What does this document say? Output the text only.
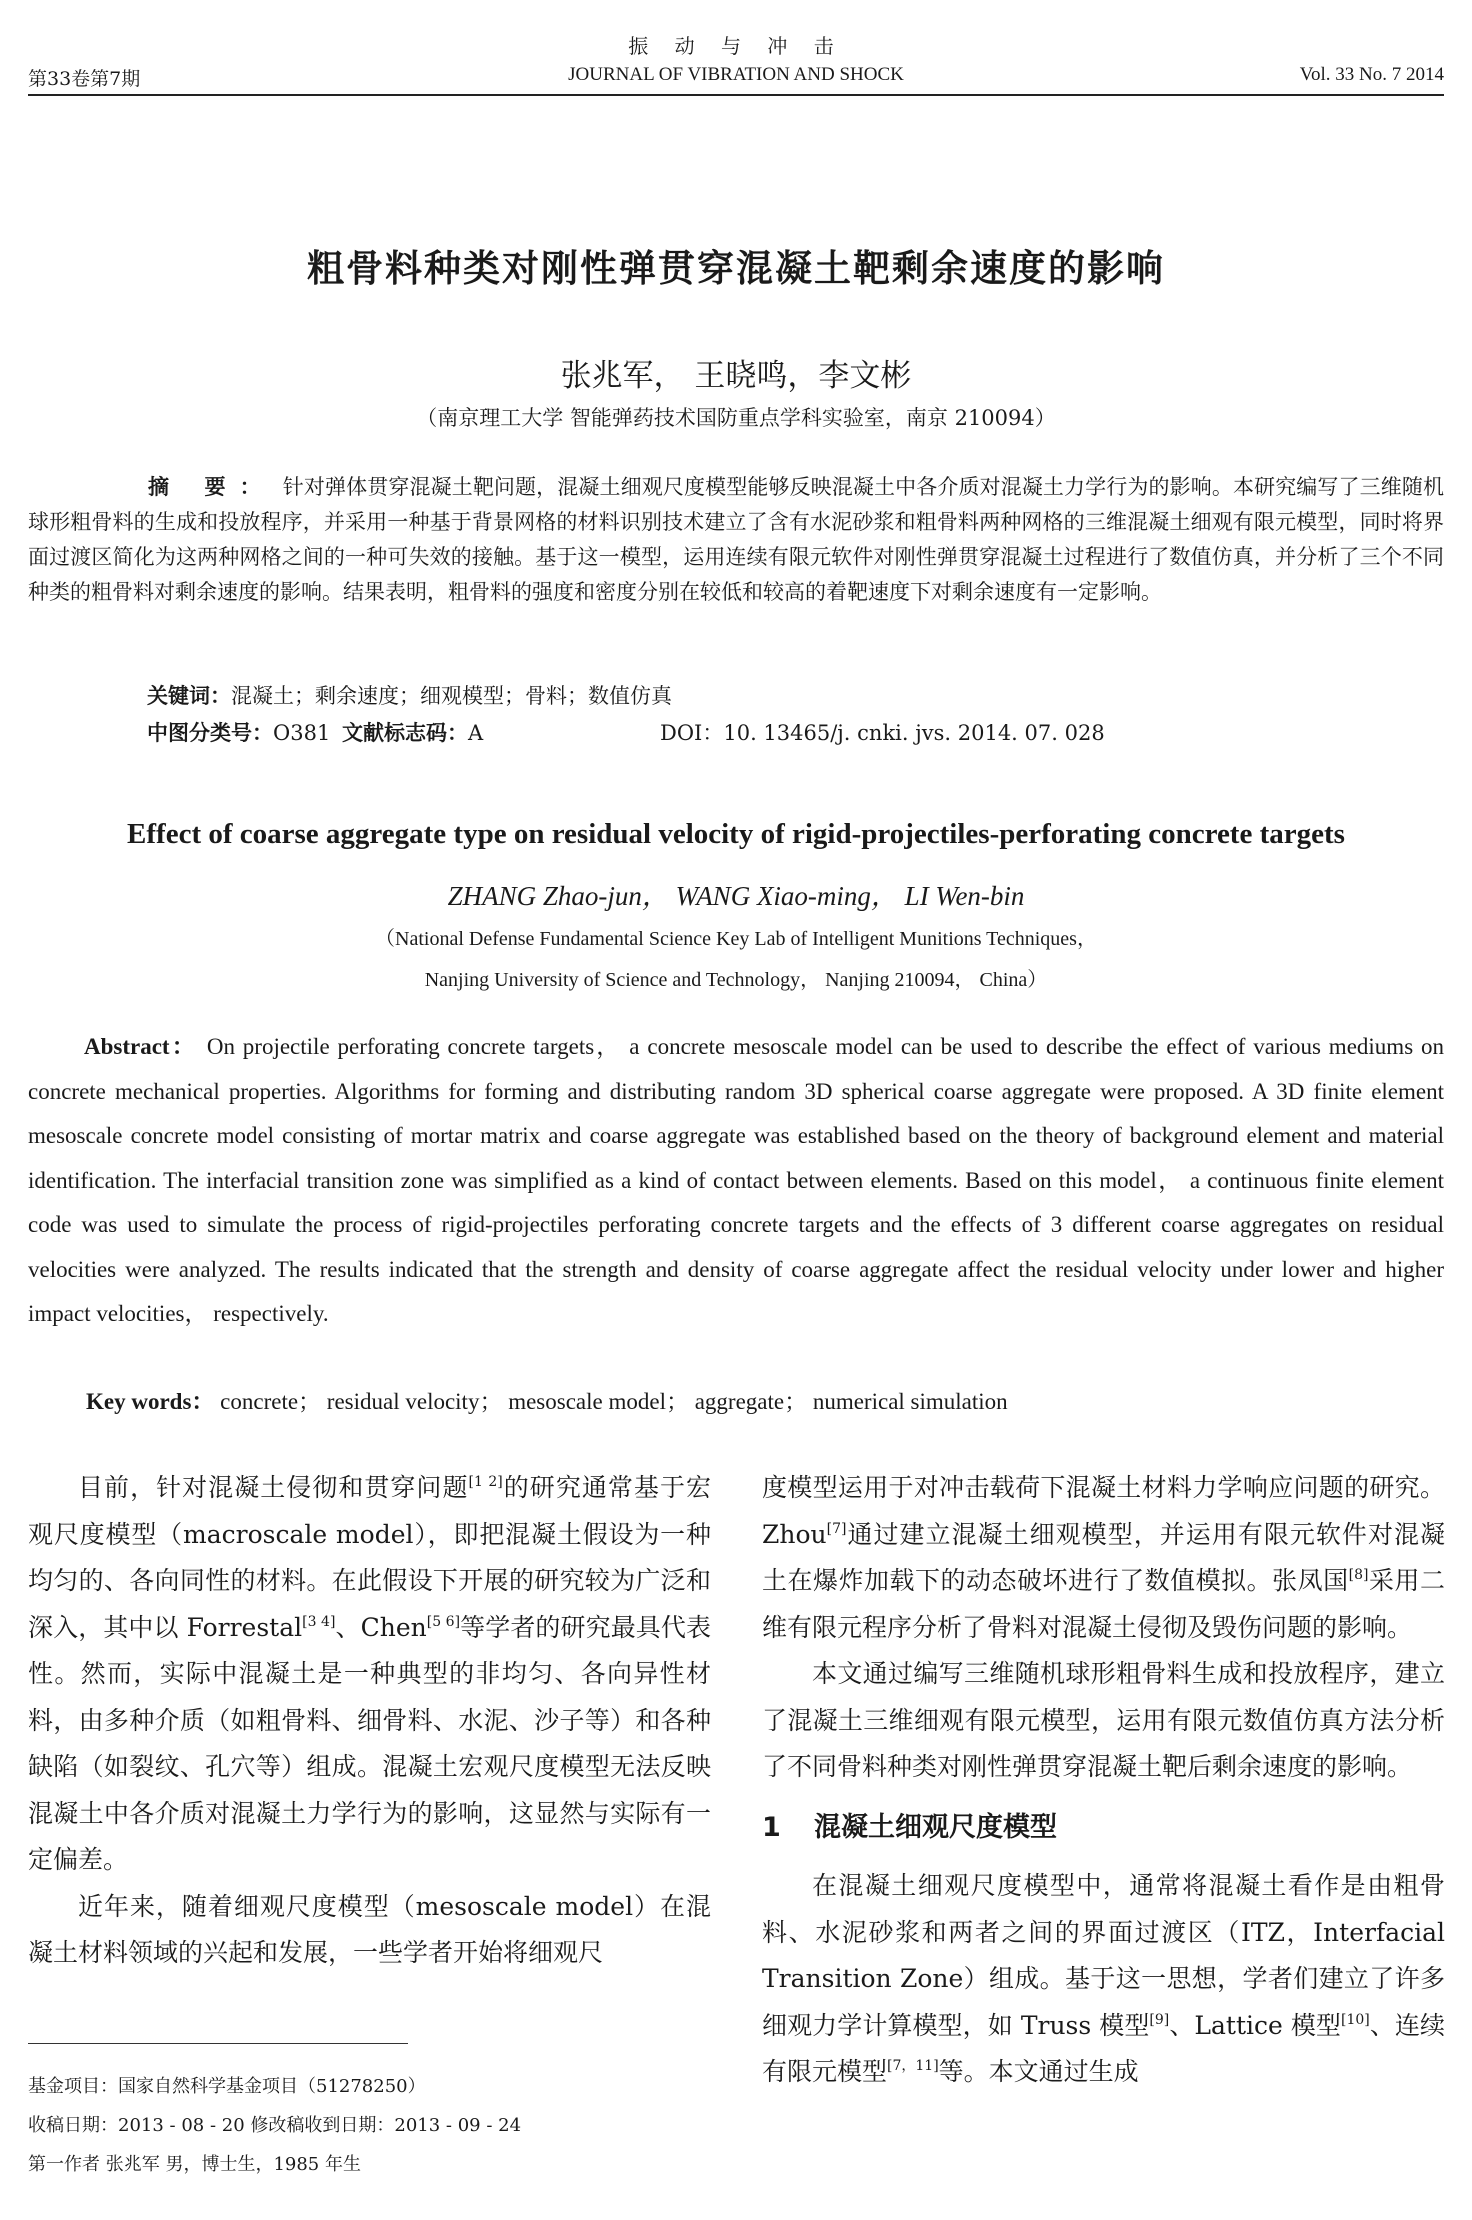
振 动 与 冲 击
第33卷第7期	JOURNAL OF VIBRATION AND SHOCK	Vol. 33 No. 7 2014
粗骨料种类对刚性弹贯穿混凝土靶剩余速度的影响
张兆军， 王晓鸣，李文彬
（南京理工大学 智能弹药技术国防重点学科实验室，南京 210094）
摘 要： 针对弹体贯穿混凝土靶问题，混凝土细观尺度模型能够反映混凝土中各介质对混凝土力学行为的影响。本研究编写了三维随机球形粗骨料的生成和投放程序，并采用一种基于背景网格的材料识别技术建立了含有水泥砂浆和粗骨料两种网格的三维混凝土细观有限元模型，同时将界面过渡区简化为这两种网格之间的一种可失效的接触。基于这一模型，运用连续有限元软件对刚性弹贯穿混凝土过程进行了数值仿真，并分析了三个不同种类的粗骨料对剩余速度的影响。结果表明，粗骨料的强度和密度分别在较低和较高的着靶速度下对剩余速度有一定影响。
关键词：混凝土；剩余速度；细观模型；骨料；数值仿真
中图分类号：O381 文献标志码：A	DOI：10. 13465/j. cnki. jvs. 2014. 07. 028
Effect of coarse aggregate type on residual velocity of rigid-projectiles-perforating concrete targets
ZHANG Zhao-jun， WANG Xiao-ming， LI Wen-bin
（National Defense Fundamental Science Key Lab of Intelligent Munitions Techniques，
Nanjing University of Science and Technology， Nanjing 210094， China）
Abstract： On projectile perforating concrete targets， a concrete mesoscale model can be used to describe the effect of various mediums on concrete mechanical properties. Algorithms for forming and distributing random 3D spherical coarse aggregate were proposed. A 3D finite element mesoscale concrete model consisting of mortar matrix and coarse aggregate was established based on the theory of background element and material identification. The interfacial transition zone was simplified as a kind of contact between elements. Based on this model， a continuous finite element code was used to simulate the process of rigid-projectiles perforating concrete targets and the effects of 3 different coarse aggregates on residual velocities were analyzed. The results indicated that the strength and density of coarse aggregate affect the residual velocity under lower and higher impact velocities， respectively.
Key words： concrete； residual velocity； mesoscale model； aggregate； numerical simulation

目前，针对混凝土侵彻和贯穿问题[1 2]的研究通常基于宏观尺度模型（macroscale model），即把混凝土假设为一种均匀的、各向同性的材料。在此假设下开展的研究较为广泛和深入，其中以 Forrestal[3 4]、Chen[5 6]等学者的研究最具代表性。然而，实际中混凝土是一种典型的非均匀、各向异性材料，由多种介质（如粗骨料、细骨料、水泥、沙子等）和各种缺陷（如裂纹、孔穴等）组成。混凝土宏观尺度模型无法反映混凝土中各介质对混凝土力学行为的影响，这显然与实际有一定偏差。

近年来，随着细观尺度模型（mesoscale model）在混凝土材料领域的兴起和发展，一些学者开始将细观尺

度模型运用于对冲击载荷下混凝土材料力学响应问题的研究。Zhou[7]通过建立混凝土细观模型，并运用有限元软件对混凝土在爆炸加载下的动态破坏进行了数值模拟。张凤国[8]采用二维有限元程序分析了骨料对混凝土侵彻及毁伤问题的影响。

本文通过编写三维随机球形粗骨料生成和投放程序，建立了混凝土三维细观有限元模型，运用有限元数值仿真方法分析了不同骨料种类对刚性弹贯穿混凝土靶后剩余速度的影响。

1 混凝土细观尺度模型

在混凝土细观尺度模型中，通常将混凝土看作是由粗骨料、水泥砂浆和两者之间的界面过渡区（ITZ，Interfacial Transition Zone）组成。基于这一思想，学者们建立了许多细观力学计算模型，如 Truss 模型[9]、Lattice 模型[10]、连续有限元模型[7，11]等。本文通过生成

基金项目：国家自然科学基金项目（51278250）
收稿日期：2013 - 08 - 20 修改稿收到日期：2013 - 09 - 24
第一作者 张兆军 男，博士生，1985 年生
